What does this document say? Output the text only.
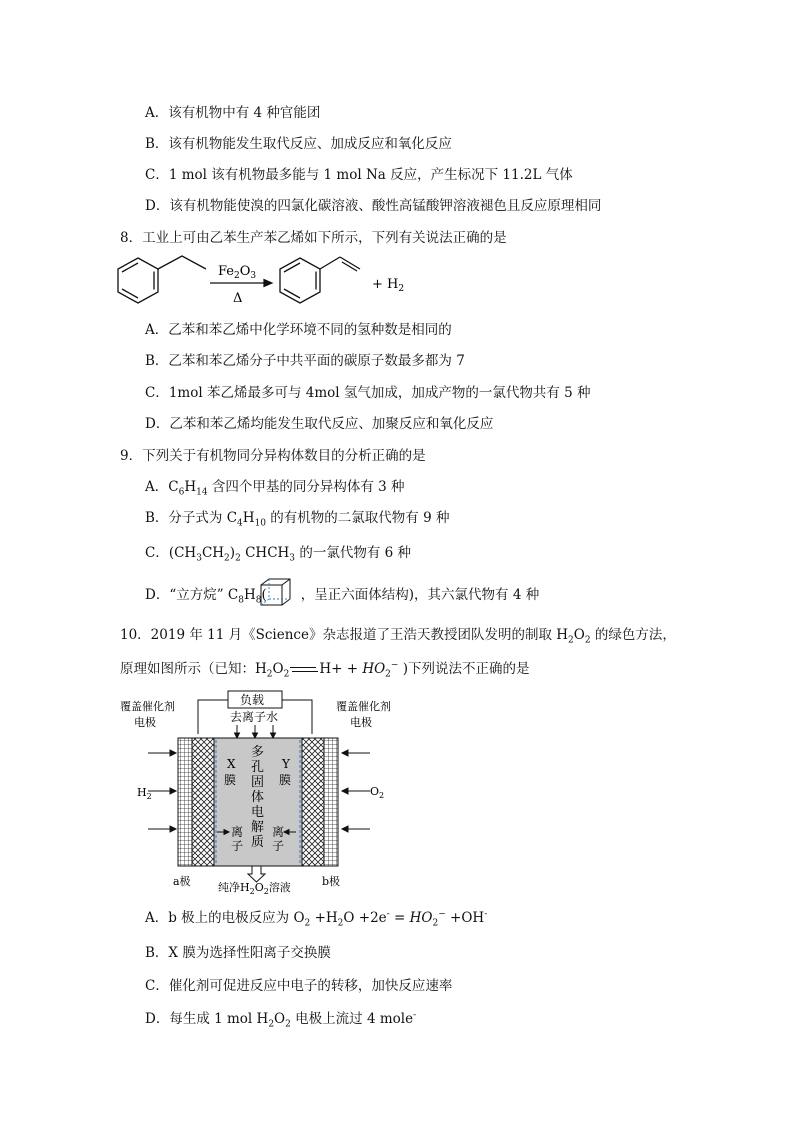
A．该有机物中有 4 种官能团
B．该有机物能发生取代反应、加成反应和氧化反应
C．1 mol 该有机物最多能与 1 mol Na 反应，产生标况下 11.2L 气体
D．该有机物能使溴的四氯化碳溶液、酸性高锰酸钾溶液褪色且反应原理相同
8．工业上可由乙苯生产苯乙烯如下所示，下列有关说法正确的是
$Fe_2O_3$
Δ
+ $H_2$
A．乙苯和苯乙烯中化学环境不同的氢种数是相同的
B．乙苯和苯乙烯分子中共平面的碳原子数最多都为 7
C．1mol 苯乙烯最多可与 4mol 氢气加成，加成产物的一氯代物共有 5 种
D．乙苯和苯乙烯均能发生取代反应、加聚反应和氧化反应
9．下列关于有机物同分异构体数目的分析正确的是
A．$C_6H_{14}$ 含四个甲基的同分异构体有 3 种
B．分子式为 $C_4H_{10}$ 的有机物的二氯取代物有 9 种
C．$(CH_3CH_2)_2$ $CHCH_3$ 的一氯代物有 6 种
D．“立方烷” $C_8H_8$(	，呈正六面体结构)，其六氯代物有 4 种
10．2019 年 11 月《Science》杂志报道了王浩天教授团队发明的制取 $H_2O_2$ 的绿色方法，
原理如图所示（已知：$H_2O_2$ $H+ + HO_2^-$ )下列说法不正确的是
负载
去离子水
覆盖催化剂
电极
覆盖催化剂
电极
X 膜
Y 膜
多 孔 固 体 电 解 质
离子
离子
$H_2$	$O_2$
a极	b极
纯净$H_2O_2$溶液
A．b 极上的电极反应为 $O_2 +H_2O +2e^- = HO_2^- +OH^-$
B．X 膜为选择性阳离子交换膜
C．催化剂可促进反应中电子的转移，加快反应速率
D．每生成 1 mol $H_2O_2$ 电极上流过 4 mole-
